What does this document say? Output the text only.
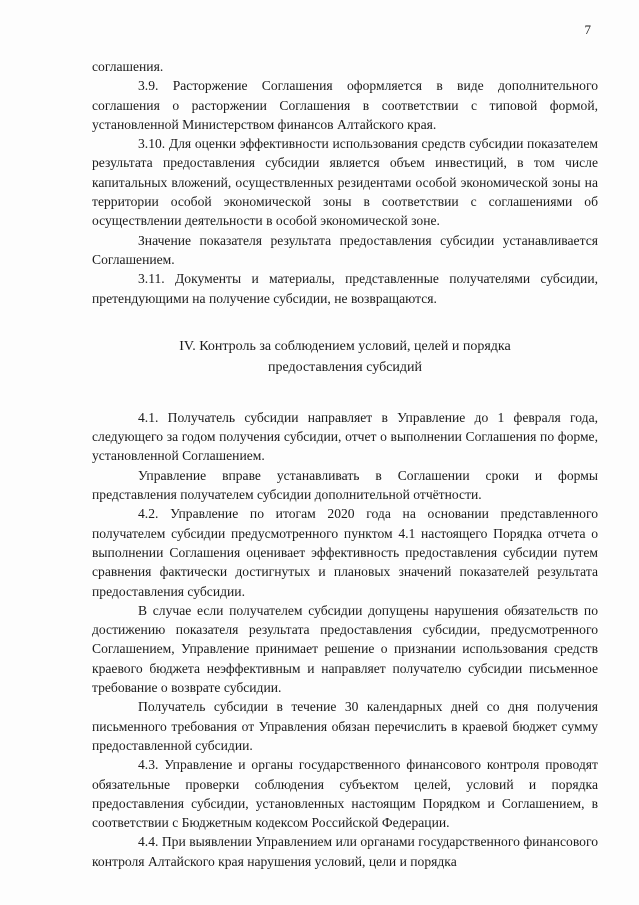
7

соглашения.

3.9. Расторжение Соглашения оформляется в виде дополнительного соглашения о расторжении Соглашения в соответствии с типовой формой, установленной Министерством финансов Алтайского края.

3.10. Для оценки эффективности использования средств субсидии показателем результата предоставления субсидии является объем инвестиций, в том числе капитальных вложений, осуществленных резидентами особой экономической зоны на территории особой экономической зоны в соответствии с соглашениями об осуществлении деятельности в особой экономической зоне.

Значение показателя результата предоставления субсидии устанавливается Соглашением.

3.11. Документы и материалы, представленные получателями субсидии, претендующими на получение субсидии, не возвращаются.

IV. Контроль за соблюдением условий, целей и порядка
предоставления субсидий

4.1. Получатель субсидии направляет в Управление до 1 февраля года, следующего за годом получения субсидии, отчет о выполнении Соглашения по форме, установленной Соглашением.

Управление вправе устанавливать в Соглашении сроки и формы представления получателем субсидии дополнительной отчётности.

4.2. Управление по итогам 2020 года на основании представленного получателем субсидии предусмотренного пунктом 4.1 настоящего Порядка отчета о выполнении Соглашения оценивает эффективность предоставления субсидии путем сравнения фактически достигнутых и плановых значений показателей результата предоставления субсидии.

В случае если получателем субсидии допущены нарушения обязательств по достижению показателя результата предоставления субсидии, предусмотренного Соглашением, Управление принимает решение о признании использования средств краевого бюджета неэффективным и направляет получателю субсидии письменное требование о возврате субсидии.

Получатель субсидии в течение 30 календарных дней со дня получения письменного требования от Управления обязан перечислить в краевой бюджет сумму предоставленной субсидии.

4.3. Управление и органы государственного финансового контроля проводят обязательные проверки соблюдения субъектом целей, условий и порядка предоставления субсидии, установленных настоящим Порядком и Соглашением, в соответствии с Бюджетным кодексом Российской Федерации.

4.4. При выявлении Управлением или органами государственного финансового контроля Алтайского края нарушения условий, цели и порядка
